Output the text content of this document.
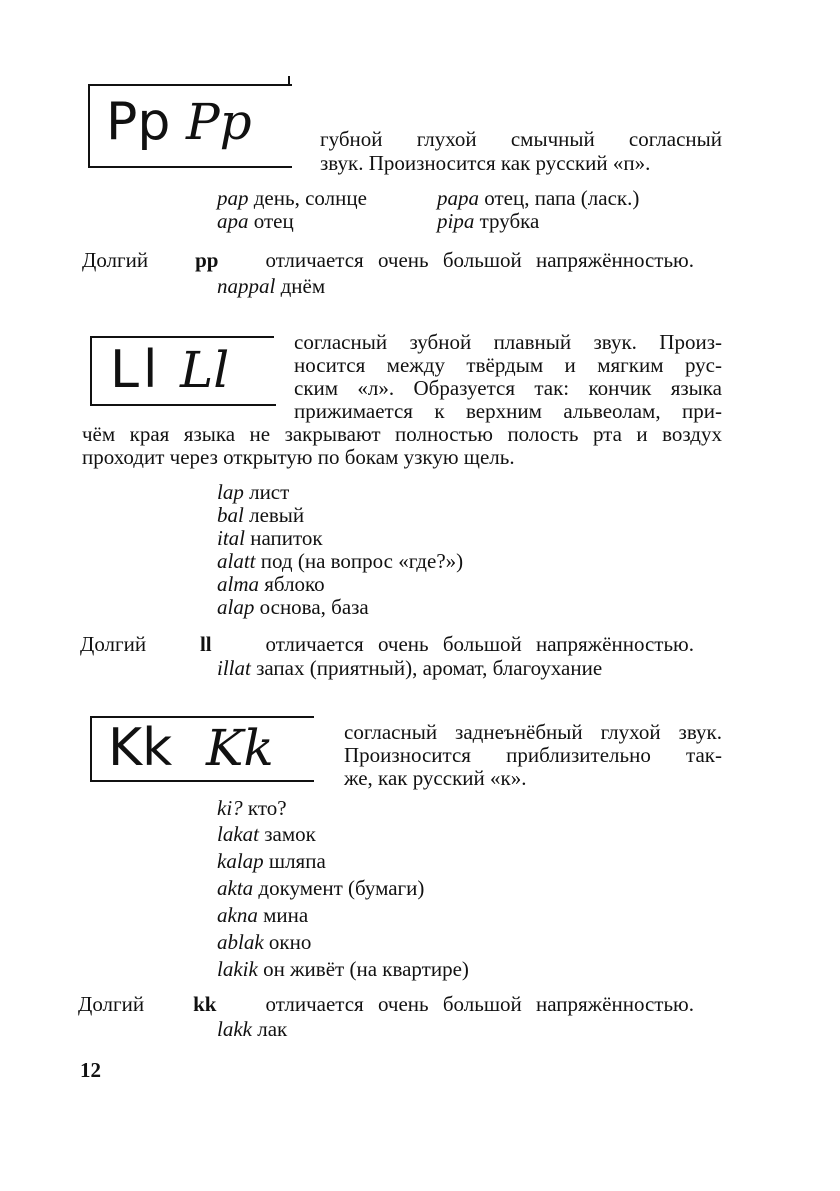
Pp Pp	губной глухой смычный согласный
звук. Произносится как русский «п».
pap день, солнце	papa отец, папа (ласк.)
apa отец	pipa трубка
Долгий pp отличается очень большой напряжённостью.
nappal днём
Ll Ll	согласный зубной плавный звук. Произ-
носится между твёрдым и мягким рус-
ским «л». Образуется так: кончик языка
прижимается к верхним альвеолам, при-
чём края языка не закрывают полностью полость рта и воздух
проходит через открытую по бокам узкую щель.
lap лист
bal левый
ital напиток
alatt под (на вопрос «где?»)
alma яблоко
alap основа, база
Долгий	ll	отличается очень большой напряжённостью.
illat запах (приятный), аромат, благоухание
Kk Kk	согласный заднеънёбный глухой звук.
Произносится приблизительно так-
же, как русский «к».
ki? кто?
lakat замок
kalap шляпа
akta документ (бумаги)
akna мина
ablak окно
lakik он живёт (на квартире)
Долгий kk отличается очень большой напряжённостью.
lakk лак
12
